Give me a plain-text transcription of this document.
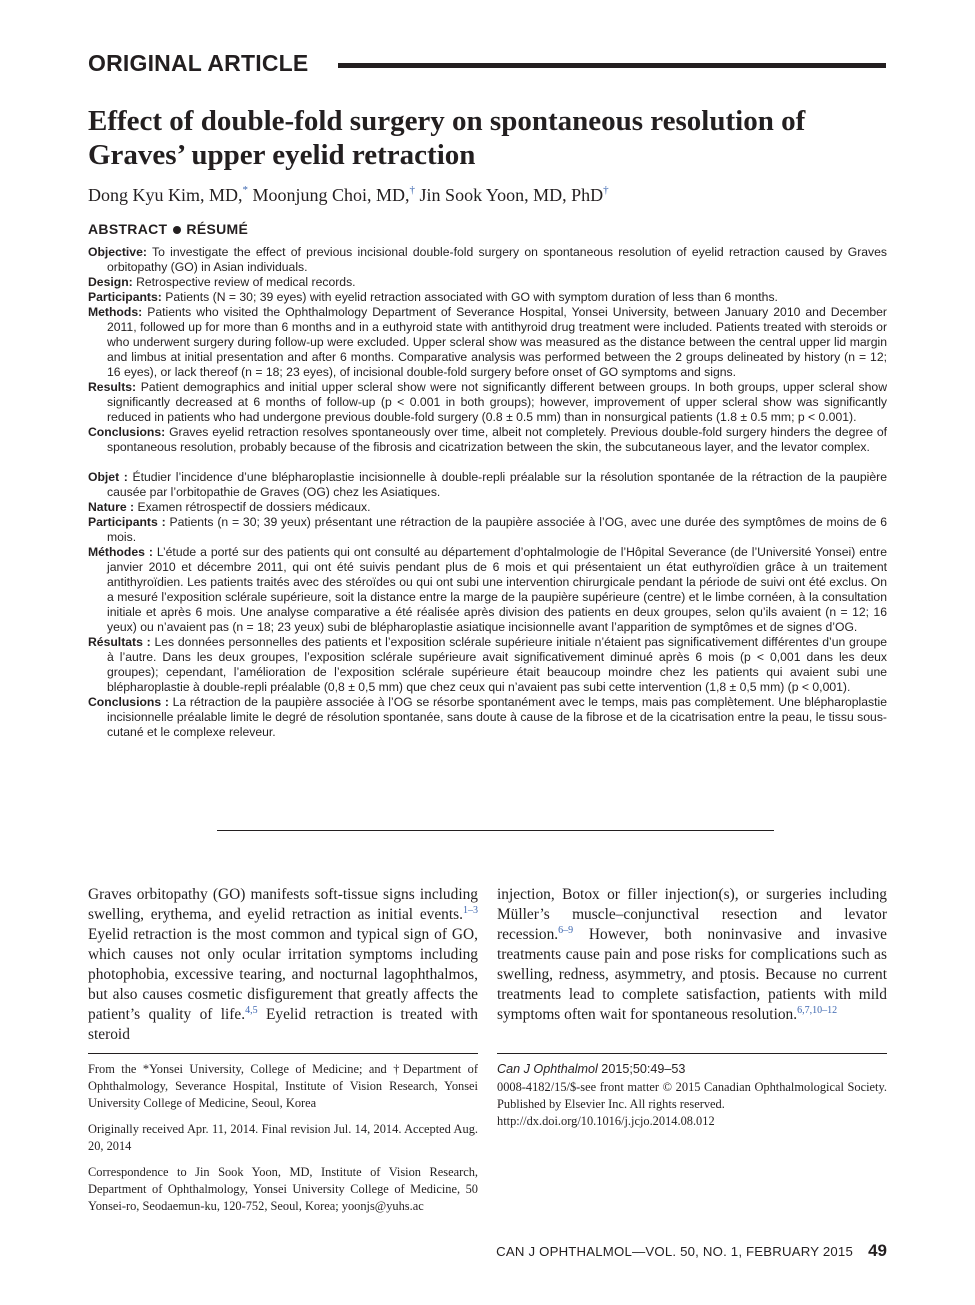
ORIGINAL ARTICLE
Effect of double-fold surgery on spontaneous resolution of Graves’ upper eyelid retraction
Dong Kyu Kim, MD,* Moonjung Choi, MD,† Jin Sook Yoon, MD, PhD†
ABSTRACT RÉSUMÉ

Objective: To investigate the effect of previous incisional double-fold surgery on spontaneous resolution of eyelid retraction caused by Graves orbitopathy (GO) in Asian individuals.

Design: Retrospective review of medical records.

Participants: Patients (N = 30; 39 eyes) with eyelid retraction associated with GO with symptom duration of less than 6 months.

Methods: Patients who visited the Ophthalmology Department of Severance Hospital, Yonsei University, between January 2010 and December 2011, followed up for more than 6 months and in a euthyroid state with antithyroid drug treatment were included. Patients treated with steroids or who underwent surgery during follow-up were excluded. Upper scleral show was measured as the distance between the central upper lid margin and limbus at initial presentation and after 6 months. Comparative analysis was performed between the 2 groups delineated by history (n = 12; 16 eyes), or lack thereof (n = 18; 23 eyes), of incisional double-fold surgery before onset of GO symptoms and signs.

Results: Patient demographics and initial upper scleral show were not significantly different between groups. In both groups, upper scleral show significantly decreased at 6 months of follow-up (p < 0.001 in both groups); however, improvement of upper scleral show was significantly reduced in patients who had undergone previous double-fold surgery (0.8 ± 0.5 mm) than in nonsurgical patients (1.8 ± 0.5 mm; p < 0.001).

Conclusions: Graves eyelid retraction resolves spontaneously over time, albeit not completely. Previous double-fold surgery hinders the degree of spontaneous resolution, probably because of the fibrosis and cicatrization between the skin, the subcutaneous layer, and the levator complex.

Objet : Étudier l’incidence d’une blépharoplastie incisionnelle à double-repli préalable sur la résolution spontanée de la rétraction de la paupière causée par l’orbitopathie de Graves (OG) chez les Asiatiques.

Nature : Examen rétrospectif de dossiers médicaux.

Participants : Patients (n = 30; 39 yeux) présentant une rétraction de la paupière associée à l’OG, avec une durée des symptômes de moins de 6 mois.

Méthodes : L’étude a porté sur des patients qui ont consulté au département d’ophtalmologie de l’Hôpital Severance (de l’Université Yonsei) entre janvier 2010 et décembre 2011, qui ont été suivis pendant plus de 6 mois et qui présentaient un état euthyroïdien grâce à un traitement antithyroïdien. Les patients traités avec des stéroïdes ou qui ont subi une intervention chirurgicale pendant la période de suivi ont été exclus. On a mesuré l’exposition sclérale supérieure, soit la distance entre la marge de la paupière supérieure (centre) et le limbe cornéen, à la consultation initiale et après 6 mois. Une analyse comparative a été réalisée après division des patients en deux groupes, selon qu’ils avaient (n = 12; 16 yeux) ou n’avaient pas (n = 18; 23 yeux) subi de blépharoplastie asiatique incisionnelle avant l’apparition de symptômes et de signes d’OG.

Résultats : Les données personnelles des patients et l’exposition sclérale supérieure initiale n’étaient pas significativement différentes d’un groupe à l’autre. Dans les deux groupes, l’exposition sclérale supérieure avait significativement diminué après 6 mois (p < 0,001 dans les deux groupes); cependant, l’amélioration de l’exposition sclérale supérieure était beaucoup moindre chez les patients qui avaient subi une blépharoplastie à double-repli préalable (0,8 ± 0,5 mm) que chez ceux qui n’avaient pas subi cette intervention (1,8 ± 0,5 mm) (p < 0,001).

Conclusions : La rétraction de la paupière associée à l’OG se résorbe spontanément avec le temps, mais pas complètement. Une blépharoplastie incisionnelle préalable limite le degré de résolution spontanée, sans doute à cause de la fibrose et de la cicatrisation entre la peau, le tissu sous-cutané et le complexe releveur.

Graves orbitopathy (GO) manifests soft-tissue signs including swelling, erythema, and eyelid retraction as initial events.$^{1-3}$ Eyelid retraction is the most common and typical sign of GO, which causes not only ocular irritation symptoms including photophobia, excessive tearing, and nocturnal lagophthalmos, but also causes cosmetic disfigurement that greatly affects the patient’s quality of life.$^{4,5}$ Eyelid retraction is treated with steroid
injection, Botox or filler injection(s), or surgeries including Müller’s muscle–conjunctival resection and levator recession.$^{6-9}$ However, both noninvasive and invasive treatments cause pain and pose risks for complications such as swelling, redness, asymmetry, and ptosis. Because no current treatments lead to complete satisfaction, patients with mild symptoms often wait for spontaneous resolution.$^{6,7,10-12}$

From the *Yonsei University, College of Medicine; and †Department of Ophthalmology, Severance Hospital, Institute of Vision Research, Yonsei University College of Medicine, Seoul, Korea

Originally received Apr. 11, 2014. Final revision Jul. 14, 2014. Accepted Aug. 20, 2014

Correspondence to Jin Sook Yoon, MD, Institute of Vision Research, Department of Ophthalmology, Yonsei University College of Medicine, 50 Yonsei-ro, Seodaemun-ku, 120-752, Seoul, Korea; yoonjs@yuhs.ac

Can J Ophthalmol 2015;50:49–53

0008-4182/15/$-see front matter © 2015 Canadian Ophthalmological Society. Published by Elsevier Inc. All rights reserved.

http://dx.doi.org/10.1016/j.jcjo.2014.08.012

CAN J OPHTHALMOL—VOL. 50, NO. 1, FEBRUARY 2015 49
